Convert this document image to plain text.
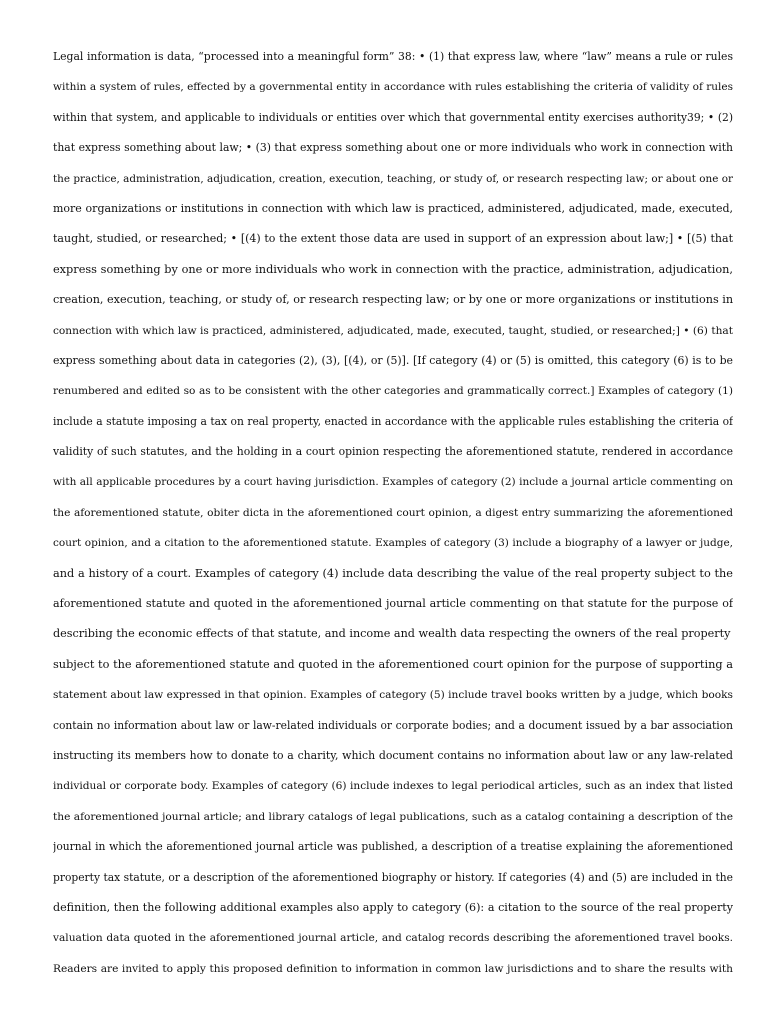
Legal information is data, “processed into a meaningful form” 38: • (1) that express law, where “law” means a rule or rules
within a system of rules, effected by a governmental entity in accordance with rules establishing the criteria of validity of rules
within that system, and applicable to individuals or entities over which that governmental entity exercises authority39; • (2)
that express something about law; • (3) that express something about one or more individuals who work in connection with
the practice, administration, adjudication, creation, execution, teaching, or study of, or research respecting law; or about one or
more organizations or institutions in connection with which law is practiced, administered, adjudicated, made, executed,
taught, studied, or researched; • [(4) to the extent those data are used in support of an expression about law;] • [(5) that
express something by one or more individuals who work in connection with the practice, administration, adjudication,
creation, execution, teaching, or study of, or research respecting law; or by one or more organizations or institutions in
connection with which law is practiced, administered, adjudicated, made, executed, taught, studied, or researched;] • (6) that
express something about data in categories (2), (3), [(4), or (5)]. [If category (4) or (5) is omitted, this category (6) is to be
renumbered and edited so as to be consistent with the other categories and grammatically correct.] Examples of category (1)
include a statute imposing a tax on real property, enacted in accordance with the applicable rules establishing the criteria of
validity of such statutes, and the holding in a court opinion respecting the aforementioned statute, rendered in accordance
with all applicable procedures by a court having jurisdiction. Examples of category (2) include a journal article commenting on
the aforementioned statute, obiter dicta in the aforementioned court opinion, a digest entry summarizing the aforementioned
court opinion, and a citation to the aforementioned statute. Examples of category (3) include a biography of a lawyer or judge,
and a history of a court. Examples of category (4) include data describing the value of the real property subject to the
aforementioned statute and quoted in the aforementioned journal article commenting on that statute for the purpose of
describing the economic effects of that statute, and income and wealth data respecting the owners of the real property
subject to the aforementioned statute and quoted in the aforementioned court opinion for the purpose of supporting a
statement about law expressed in that opinion. Examples of category (5) include travel books written by a judge, which books
contain no information about law or law-related individuals or corporate bodies; and a document issued by a bar association
instructing its members how to donate to a charity, which document contains no information about law or any law-related
individual or corporate body. Examples of category (6) include indexes to legal periodical articles, such as an index that listed
the aforementioned journal article; and library catalogs of legal publications, such as a catalog containing a description of the
journal in which the aforementioned journal article was published, a description of a treatise explaining the aforementioned
property tax statute, or a description of the aforementioned biography or history. If categories (4) and (5) are included in the
definition, then the following additional examples also apply to category (6): a citation to the source of the real property
valuation data quoted in the aforementioned journal article, and catalog records describing the aforementioned travel books.
Readers are invited to apply this proposed definition to information in common law jurisdictions and to share the results with
